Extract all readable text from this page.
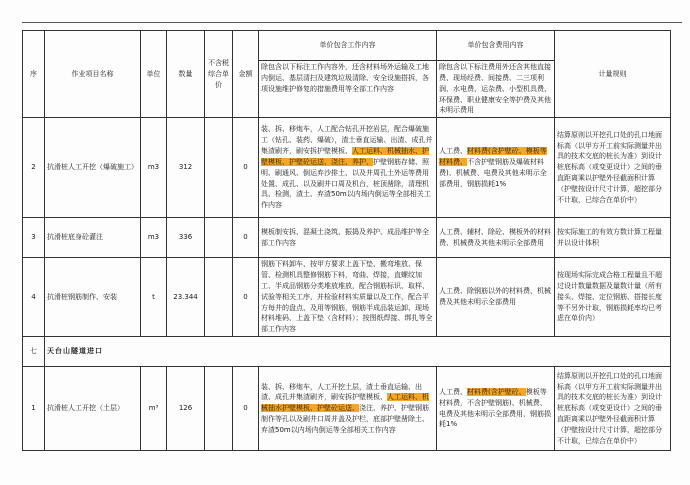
序	作业项目名称	单位	数量	不含税综合单价	金额	单价包含工作内容	单价包含费用内容	计量规则
						除包含以下标注工作内容外，还含材料场外运输及工地内倒运、基层清扫及建筑垃圾清除、安全设施搭拆，各项设施维护修复的措施费用等全部工作内容	除包含以下标注费用外还含其他直接费、现场经费、间接费、二三项利润、水电费、运杂费、小型机具费、环保费、职业健康安全等护费及其他未明示费用	
2	抗滑桩人工开挖（爆破施工）	m3	312		0	装、拆、移炮车，人工配合钻孔开挖岩层，配合爆破施工（钻孔、装药、爆破），渣土垂直运输、出渣、成孔并集渣刷齐，刷安拆护壁模板、人工运料、机械抽水、护壁模板、护壁砼运送、浇注、养护、护壁钢筋存储、照明、刷通风、倒运弃沙排土、以及井周孔土外运等费用处置、成孔、以及刷井口周及机台，桩顶凿除，清理机具、检测，渣土、弃渣50m以内场内倒运等全部相关工作内容	人工费、材料费(含护壁砼、模板等材料费、不含护壁钢筋及爆破材料费)、机械费、电费及其他未明示全部费用，钢筋损耗1%	结算原则以开挖孔口处的孔口地面标高（以甲方开工前实际测量并出具的技术交底的桩长为准）到设计桩底标高（或变更设计）之间的垂直距离乘以护壁外径截面积计算（护壁按设计尺寸计算，超挖部分不计取，已综合在单价中）
3	抗滑桩底身砼灌注	m3	336		0	模板制安拆、混凝土浇筑、振捣及养护、成品维护等全部工作内容	人工费、辅材、除砼、模板外的材料费、机械费及其他未明示全部费用	按实际施工的有效方数计算工程量并以设计体积
4	抗滑桩钢筋制作、安装	t	23.344		0	钢筋下料卸车、按甲方要求上盖下垫、搬弯堆放、保管、检测机具整修钢筋下料，弯曲、焊接，直螺纹加工、半成品钢筋分类堆放堆放，配合钢筋标识、取样、试验等相关工序、并检验材料实质量以及工作，配合平方每井的盘点、及用等钢筋，钢筋半成品装运卸、现场材料堆码、上盖下垫（含材料）；按图纸焊接、绑扎等全部工作内容	人工费、除钢筋以外的材料费、机械费及其他未明示全部费用	按现场实际完成合格工程量且不超过设计数量数据及量数计量（所有接头、焊接、定位钢筋、搭接长度等不另外计取，钢筋损耗率均已考虑在单价内）
七	天台山隧道进口							
1	抗滑桩人工开挖（土层）	m³	126		0	装、拆、移炮车，人工开挖土层，渣土垂直运输、出渣、成孔并集渣刷齐，刷安拆护壁模板、人工运料、机械抽水护壁模板、护壁砼运送、浇注、养护、护壁钢筋制作等孔以及刷井口周并盖及护栏，底部护壁凿除土、弃渣50m以内场内倒运等全部相关工作内容	人工费、材料费(含护壁砼、模板等材料费，不含护壁钢筋)、机械费、电费及其他未明示全部费用，钢筋损耗1%	结算原则以开挖孔口处的孔口地面标高（以甲方开工前实际测量并出具的技术交底的桩长为准）到设计桩底标高（或变更设计）之间的垂直距离乘以护壁外径截面积计算（护壁按设计尺寸计算，超挖部分不计取，已综合在单价中）
